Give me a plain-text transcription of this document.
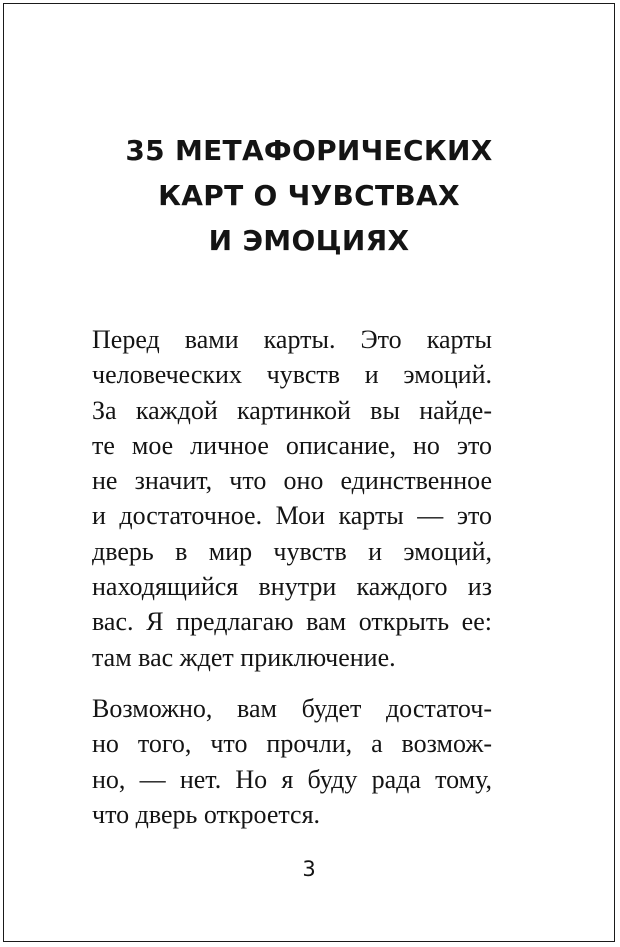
35 МЕТАФОРИЧЕСКИХ
КАРТ О ЧУВСТВАХ
И ЭМОЦИЯХ

Перед вами карты. Это карты
человеческих чувств и эмоций.
За каждой картинкой вы найде-
те мое личное описание, но это
не значит, что оно единственное
и достаточное. Мои карты — это
дверь в мир чувств и эмоций,
находящийся внутри каждого из
вас. Я предлагаю вам открыть ее:
там вас ждет приключение.

Возможно, вам будет достаточ-
но того, что прочли, а возмож-
но, — нет. Но я буду рада тому,
что дверь откроется.

3
